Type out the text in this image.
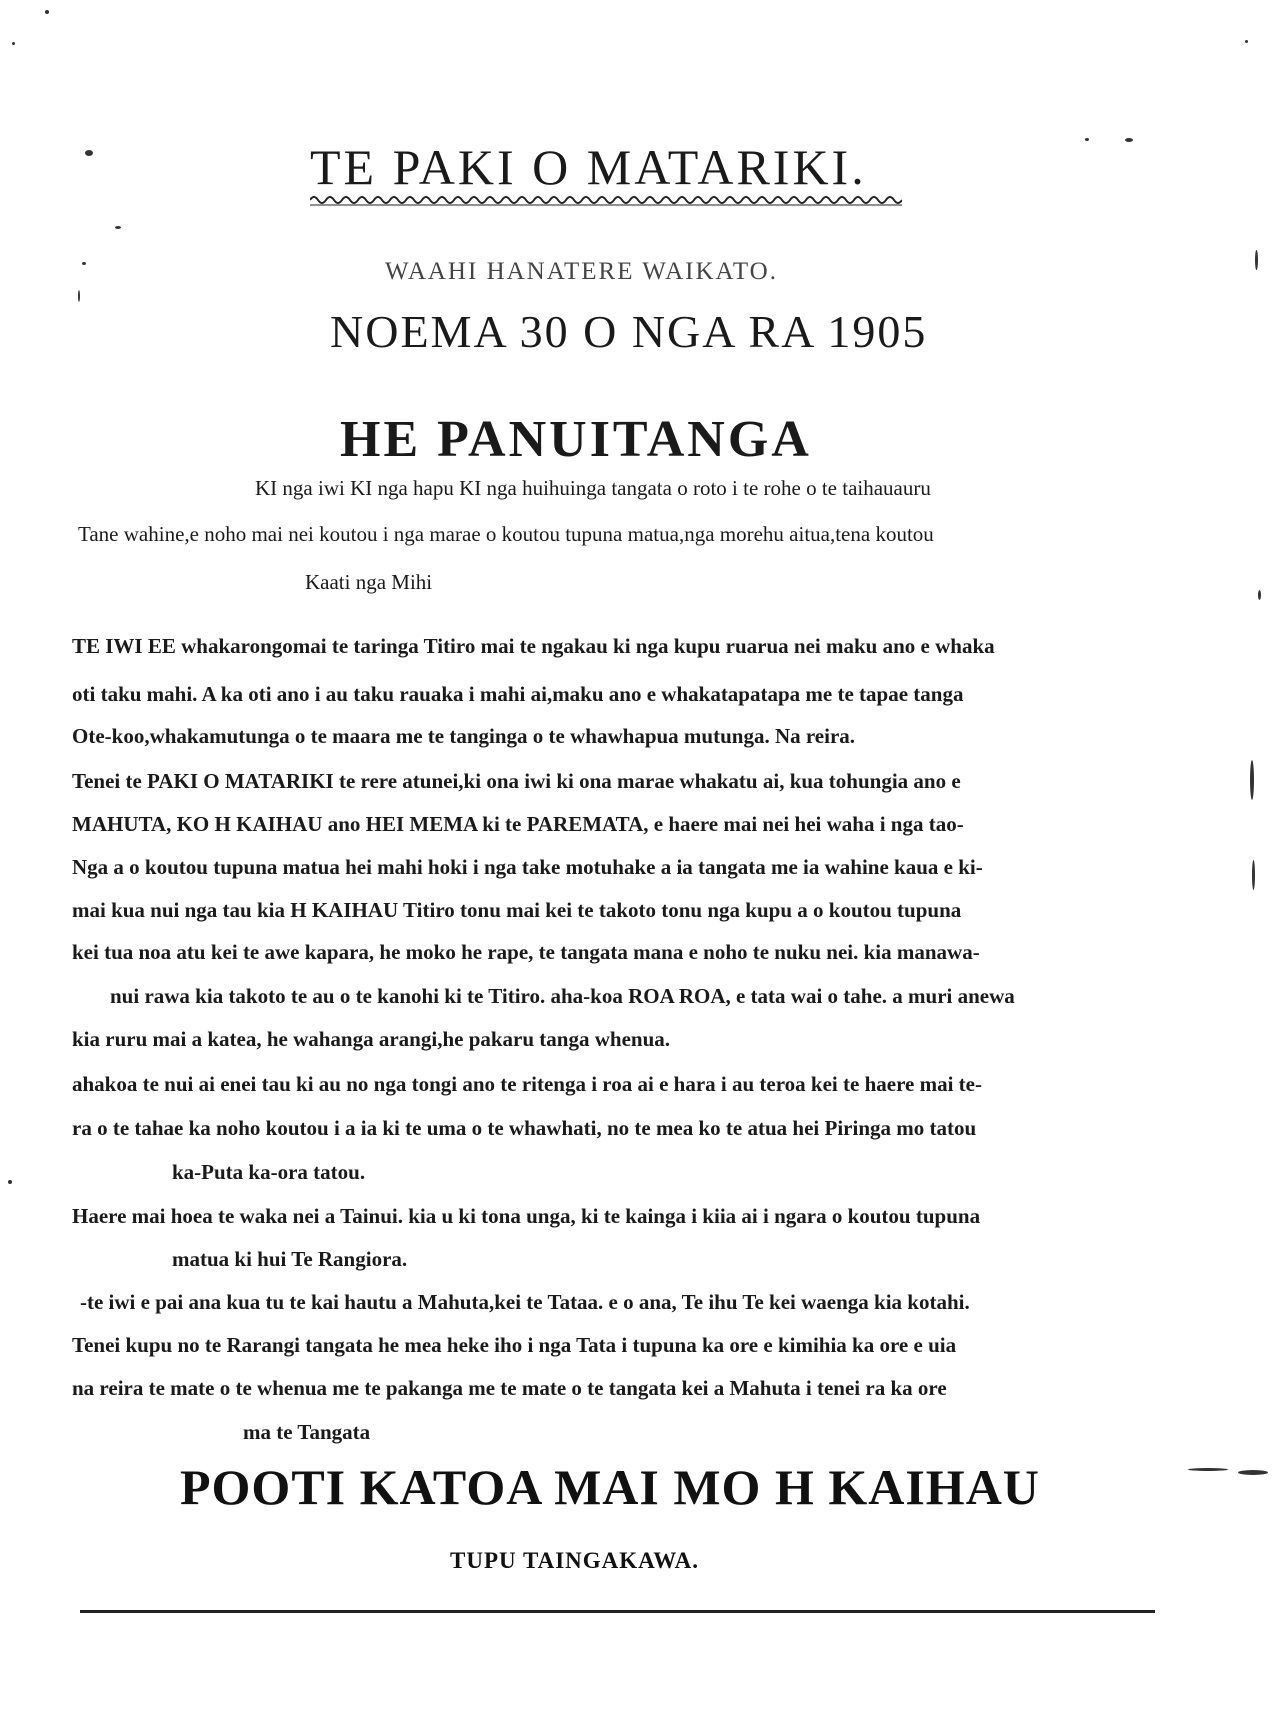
TE PAKI O MATARIKI.
WAAHI HANATERE WAIKATO.
NOEMA 30 O NGA RA 1905
HE PANUITANGA
KI nga iwi KI nga hapu KI nga huihuinga tangata o roto i te rohe o te taihauauru
Tane wahine,e noho mai nei koutou i nga marae o koutou tupuna matua,nga morehu aitua,tena koutou
Kaati nga Mihi
TE IWI EE whakarongomai te taringa Titiro mai te ngakau ki nga kupu ruarua nei maku ano e whaka
oti taku mahi. A ka oti ano i au taku rauaka i mahi ai,maku ano e whakatapatapa me te tapae tanga
Ote-koo,whakamutunga o te maara me te tanginga o te whawhapua mutunga. Na reira.
Tenei te PAKI O MATARIKI te rere atunei,ki ona iwi ki ona marae whakatu ai, kua tohungia ano e
MAHUTA, KO H KAIHAU ano HEI MEMA ki te PAREMATA, e haere mai nei hei waha i nga tao-
Nga a o koutou tupuna matua hei mahi hoki i nga take motuhake a ia tangata me ia wahine kaua e ki-
mai kua nui nga tau kia H KAIHAU Titiro tonu mai kei te takoto tonu nga kupu a o koutou tupuna
kei tua noa atu kei te awe kapara, he moko he rape, te tangata mana e noho te nuku nei. kia manawa-
nui rawa kia takoto te au o te kanohi ki te Titiro. aha-koa ROA ROA, e tata wai o tahe. a muri anewa
kia ruru mai a katea, he wahanga arangi,he pakaru tanga whenua.
ahakoa te nui ai enei tau ki au no nga tongi ano te ritenga i roa ai e hara i au teroa kei te haere mai te-
ra o te tahae ka noho koutou i a ia ki te uma o te whawhati, no te mea ko te atua hei Piringa mo tatou
ka-Puta ka-ora tatou.
Haere mai hoea te waka nei a Tainui. kia u ki tona unga, ki te kainga i kiia ai i ngara o koutou tupuna
matua ki hui Te Rangiora.
-te iwi e pai ana kua tu te kai hautu a Mahuta,kei te Tataa. e o ana, Te ihu Te kei waenga kia kotahi.
Tenei kupu no te Rarangi tangata he mea heke iho i nga Tata i tupuna ka ore e kimihia ka ore e uia
na reira te mate o te whenua me te pakanga me te mate o te tangata kei a Mahuta i tenei ra ka ore
ma te Tangata
POOTI KATOA MAI MO H KAIHAU
TUPU TAINGAKAWA.
